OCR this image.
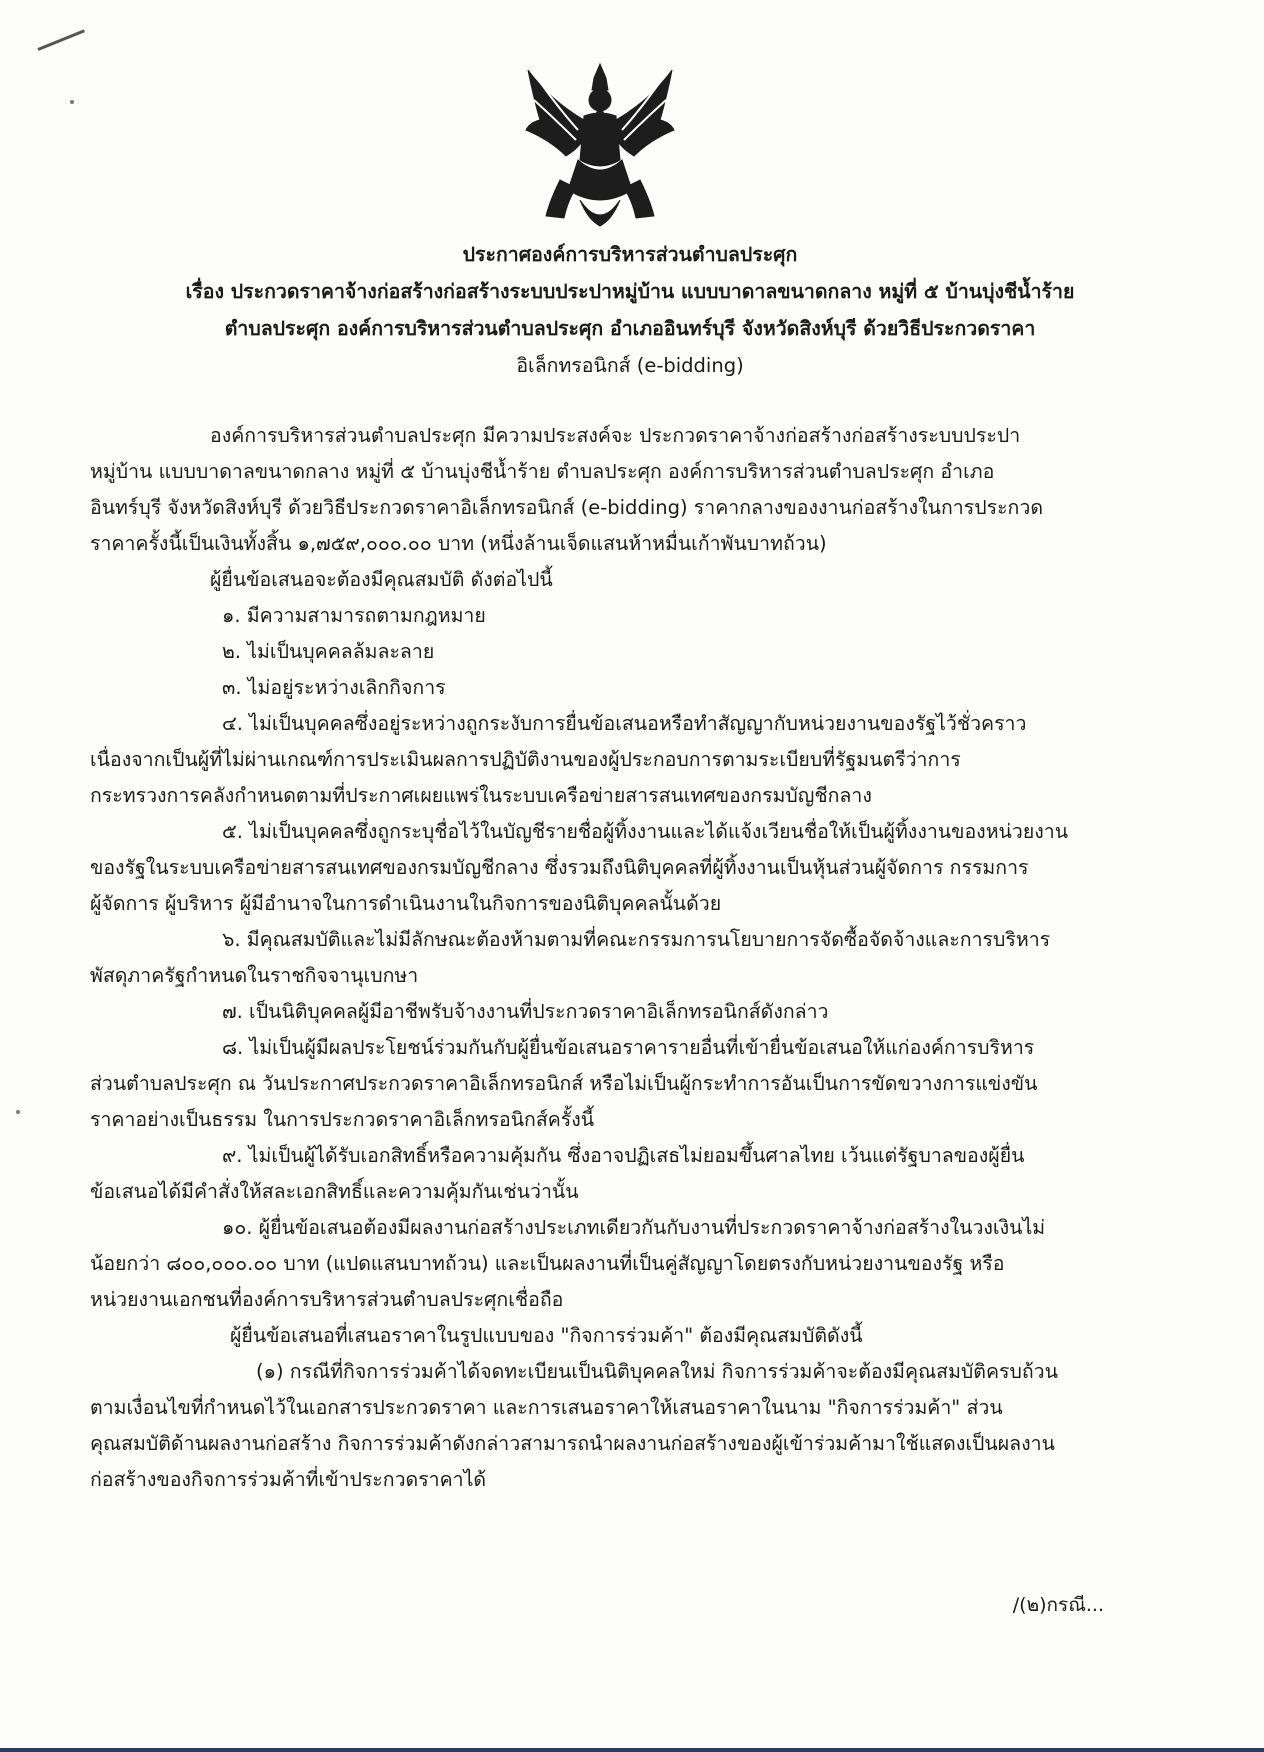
ประกาศองค์การบริหารส่วนตำบลประศุก
เรื่อง ประกวดราคาจ้างก่อสร้างก่อสร้างระบบประปาหมู่บ้าน แบบบาดาลขนาดกลาง หมู่ที่ ๕ บ้านบุ่งชีน้ำร้าย
ตำบลประศุก องค์การบริหารส่วนตำบลประศุก อำเภออินทร์บุรี จังหวัดสิงห์บุรี ด้วยวิธีประกวดราคา
อิเล็กทรอนิกส์ (e-bidding)
องค์การบริหารส่วนตำบลประศุก มีความประสงค์จะ ประกวดราคาจ้างก่อสร้างก่อสร้างระบบประปา
หมู่บ้าน แบบบาดาลขนาดกลาง หมู่ที่ ๕ บ้านบุ่งชีน้ำร้าย ตำบลประศุก องค์การบริหารส่วนตำบลประศุก อำเภอ
อินทร์บุรี จังหวัดสิงห์บุรี ด้วยวิธีประกวดราคาอิเล็กทรอนิกส์ (e-bidding) ราคากลางของงานก่อสร้างในการประกวด
ราคาครั้งนี้เป็นเงินทั้งสิ้น ๑,๗๕๙,๐๐๐.๐๐ บาท (หนึ่งล้านเจ็ดแสนห้าหมื่นเก้าพันบาทถ้วน)
ผู้ยื่นข้อเสนอจะต้องมีคุณสมบัติ ดังต่อไปนี้
๑. มีความสามารถตามกฎหมาย
๒. ไม่เป็นบุคคลล้มละลาย
๓. ไม่อยู่ระหว่างเลิกกิจการ
๔. ไม่เป็นบุคคลซึ่งอยู่ระหว่างถูกระงับการยื่นข้อเสนอหรือทำสัญญากับหน่วยงานของรัฐไว้ชั่วคราว
เนื่องจากเป็นผู้ที่ไม่ผ่านเกณฑ์การประเมินผลการปฏิบัติงานของผู้ประกอบการตามระเบียบที่รัฐมนตรีว่าการ
กระทรวงการคลังกำหนดตามที่ประกาศเผยแพร่ในระบบเครือข่ายสารสนเทศของกรมบัญชีกลาง
๕. ไม่เป็นบุคคลซึ่งถูกระบุชื่อไว้ในบัญชีรายชื่อผู้ทิ้งงานและได้แจ้งเวียนชื่อให้เป็นผู้ทิ้งงานของหน่วยงาน
ของรัฐในระบบเครือข่ายสารสนเทศของกรมบัญชีกลาง ซึ่งรวมถึงนิติบุคคลที่ผู้ทิ้งงานเป็นหุ้นส่วนผู้จัดการ กรรมการ
ผู้จัดการ ผู้บริหาร ผู้มีอำนาจในการดำเนินงานในกิจการของนิติบุคคลนั้นด้วย
๖. มีคุณสมบัติและไม่มีลักษณะต้องห้ามตามที่คณะกรรมการนโยบายการจัดซื้อจัดจ้างและการบริหาร
พัสดุภาครัฐกำหนดในราชกิจจานุเบกษา
๗. เป็นนิติบุคคลผู้มีอาชีพรับจ้างงานที่ประกวดราคาอิเล็กทรอนิกส์ดังกล่าว
๘. ไม่เป็นผู้มีผลประโยชน์ร่วมกันกับผู้ยื่นข้อเสนอราคารายอื่นที่เข้ายื่นข้อเสนอให้แก่องค์การบริหาร
ส่วนตำบลประศุก ณ วันประกาศประกวดราคาอิเล็กทรอนิกส์ หรือไม่เป็นผู้กระทำการอันเป็นการขัดขวางการแข่งขัน
ราคาอย่างเป็นธรรม ในการประกวดราคาอิเล็กทรอนิกส์ครั้งนี้
๙. ไม่เป็นผู้ได้รับเอกสิทธิ์หรือความคุ้มกัน ซึ่งอาจปฏิเสธไม่ยอมขึ้นศาลไทย เว้นแต่รัฐบาลของผู้ยื่น
ข้อเสนอได้มีคำสั่งให้สละเอกสิทธิ์และความคุ้มกันเช่นว่านั้น
๑๐. ผู้ยื่นข้อเสนอต้องมีผลงานก่อสร้างประเภทเดียวกันกับงานที่ประกวดราคาจ้างก่อสร้างในวงเงินไม่
น้อยกว่า ๘๐๐,๐๐๐.๐๐ บาท (แปดแสนบาทถ้วน) และเป็นผลงานที่เป็นคู่สัญญาโดยตรงกับหน่วยงานของรัฐ หรือ
หน่วยงานเอกชนที่องค์การบริหารส่วนตำบลประศุกเชื่อถือ
ผู้ยื่นข้อเสนอที่เสนอราคาในรูปแบบของ "กิจการร่วมค้า" ต้องมีคุณสมบัติดังนี้
(๑) กรณีที่กิจการร่วมค้าได้จดทะเบียนเป็นนิติบุคคลใหม่ กิจการร่วมค้าจะต้องมีคุณสมบัติครบถ้วน
ตามเงื่อนไขที่กำหนดไว้ในเอกสารประกวดราคา และการเสนอราคาให้เสนอราคาในนาม "กิจการร่วมค้า" ส่วน
คุณสมบัติด้านผลงานก่อสร้าง กิจการร่วมค้าดังกล่าวสามารถนำผลงานก่อสร้างของผู้เข้าร่วมค้ามาใช้แสดงเป็นผลงาน
ก่อสร้างของกิจการร่วมค้าที่เข้าประกวดราคาได้
/(๒)กรณี...
